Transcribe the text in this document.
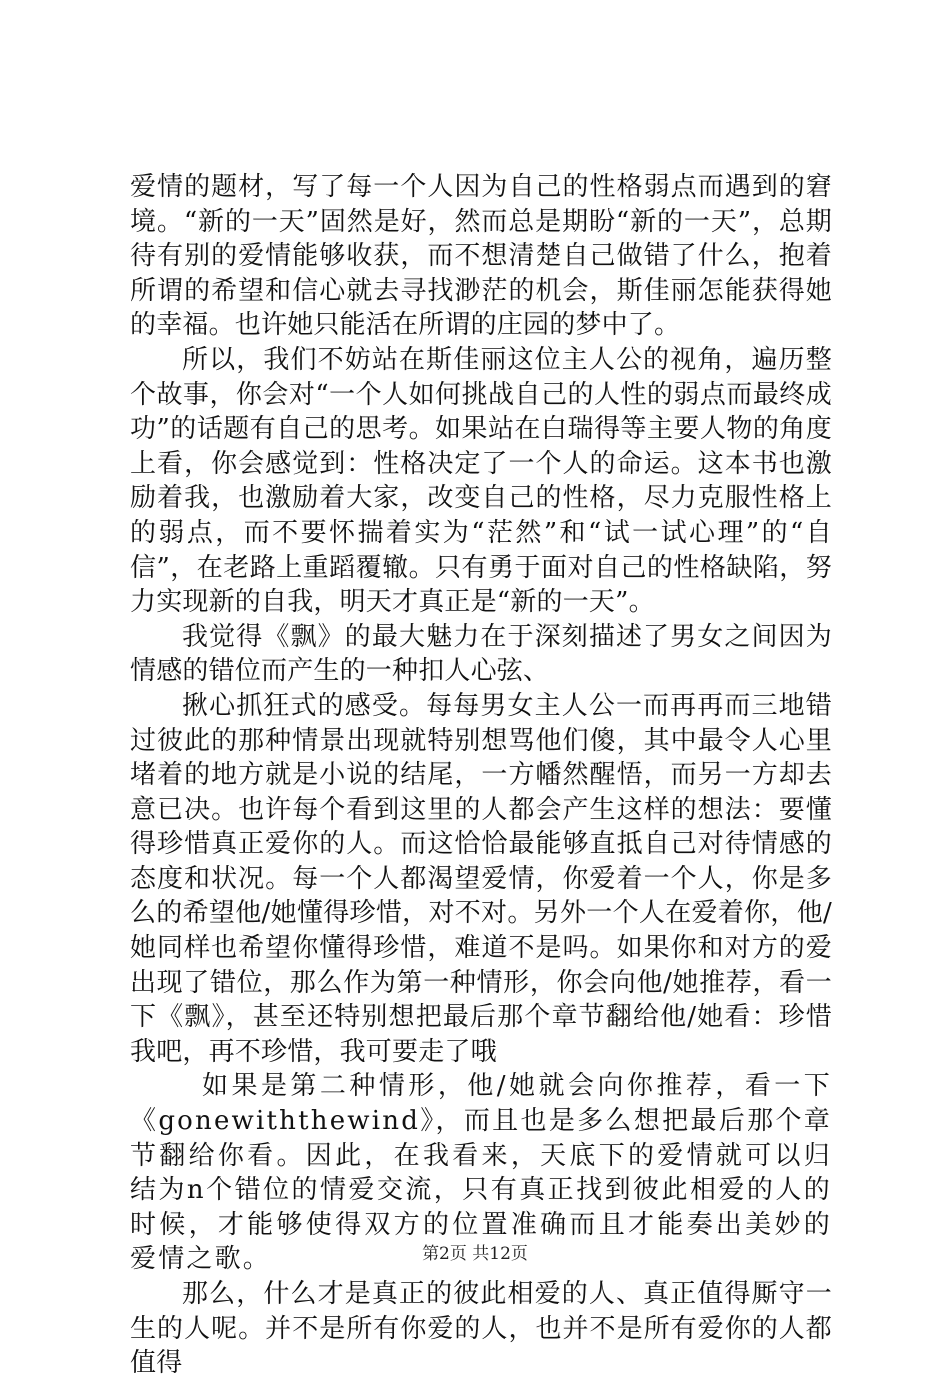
爱情的题材，写了每一个人因为自己的性格弱点而遇到的窘境。“新的一天”固然是好，然而总是期盼“新的一天”，总期待有别的爱情能够收获，而不想清楚自己做错了什么，抱着所谓的希望和信心就去寻找渺茫的机会，斯佳丽怎能获得她的幸福。也许她只能活在所谓的庄园的梦中了。

所以，我们不妨站在斯佳丽这位主人公的视角，遍历整个故事，你会对“一个人如何挑战自己的人性的弱点而最终成功”的话题有自己的思考。如果站在白瑞得等主要人物的角度上看，你会感觉到：性格决定了一个人的命运。这本书也激励着我，也激励着大家，改变自己的性格，尽力克服性格上的弱点，而不要怀揣着实为“茫然”和“试一试心理”的“自信”，在老路上重蹈覆辙。只有勇于面对自己的性格缺陷，努力实现新的自我，明天才真正是“新的一天”。

我觉得《飘》的最大魅力在于深刻描述了男女之间因为情感的错位而产生的一种扣人心弦、

揪心抓狂式的感受。每每男女主人公一而再再而三地错过彼此的那种情景出现就特别想骂他们傻，其中最令人心里堵着的地方就是小说的结尾，一方幡然醒悟，而另一方却去意已决。也许每个看到这里的人都会产生这样的想法：要懂得珍惜真正爱你的人。而这恰恰最能够直抵自己对待情感的态度和状况。每一个人都渴望爱情，你爱着一个人，你是多么的希望他/她懂得珍惜，对不对。另外一个人在爱着你，他/她同样也希望你懂得珍惜，难道不是吗。如果你和对方的爱出现了错位，那么作为第一种情形，你会向他/她推荐，看一下《飘》，甚至还特别想把最后那个章节翻给他/她看：珍惜我吧，再不珍惜，我可要走了哦

如果是第二种情形，他/她就会向你推荐，看一下《gonewiththewind》，而且也是多么想把最后那个章节翻给你看。因此，在我看来，天底下的爱情就可以归结为n个错位的情爱交流，只有真正找到彼此相爱的人的时候，才能够使得双方的位置准确而且才能奏出美妙的爱情之歌。

那么，什么才是真正的彼此相爱的人、真正值得厮守一生的人呢。并不是所有你爱的人，也并不是所有爱你的人都值得

第2页 共12页
